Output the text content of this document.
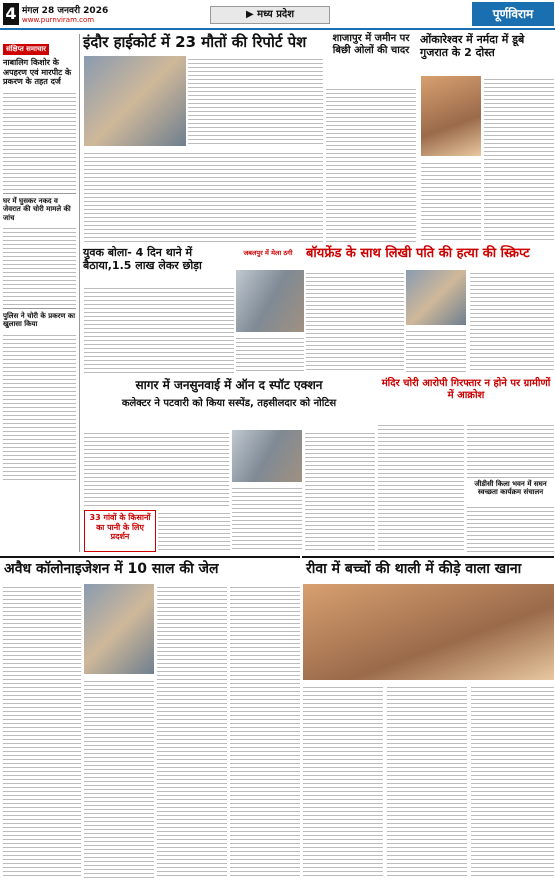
4 मंगल 28 जनवरी 2026
www.purnviram.com	▶ मध्य प्रदेश	पूर्णविराम
संक्षिप्त समाचार
नाबालिग किशोर के अपहरण एवं मारपीट के प्रकरण के तहत दर्ज
घर में घुसकर नकद व जेवरात की चोरी मामले की जांच
पुलिस ने चोरी के प्रकरण का खुलासा किया
इंदौर हाईकोर्ट में 23 मौतों की रिपोर्ट पेश	शाजापुर में जमीन पर बिछी ओलों की चादर
ओंकारेश्वर में नर्मदा में डूबे गुजरात के 2 दोस्त
युवक बोला- 4 दिन थाने में बैठाया,1.5 लाख लेकर छोड़ा
जबलपुर में मेला ठगी	बॉयफ्रेंड के साथ लिखी पति की हत्या की स्क्रिप्ट
सागर में जनसुनवाई में ऑन द स्पॉट एक्शन
कलेक्टर ने पटवारी को किया सस्पेंड, तहसीलदार को नोटिस
33 गांवों के किसानों का पानी के लिए प्रदर्शन
मंदिर चोरी आरोपी गिरफ्तार न होने पर ग्रामीणों में आक्रोश
जीडीसी किला भवन में सघन स्वच्छता कार्यक्रम संचालन
अवैध कॉलोनाइजेशन में 10 साल की जेल	रीवा में बच्चों की थाली में कीड़े वाला खाना
